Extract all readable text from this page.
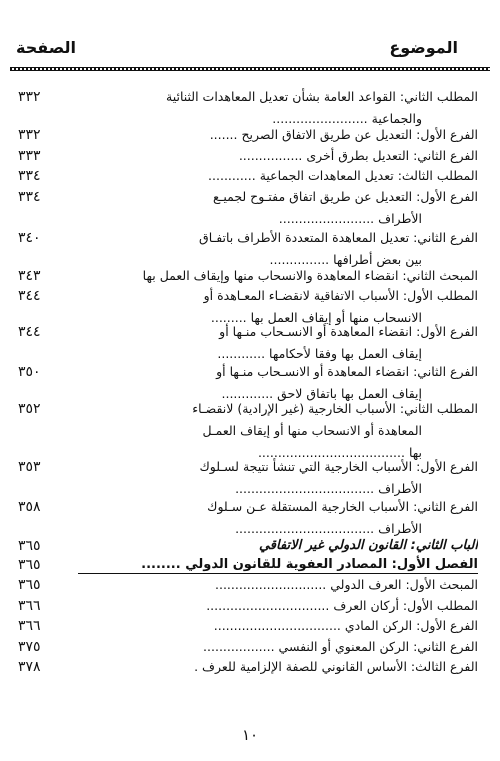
الموضوع
الصفحة
المطلب الثاني: القواعد العامة بشأن تعديل المعاهدات الثنائية
والجماعية ........................
٣٣٢
الفرع الأول: التعديل عن طريق الاتفاق الصريح .......
٣٣٢
الفرع الثاني: التعديل بطرق أخرى ................
٣٣٣
المطلب الثالث: تعديل المعاهدات الجماعية ............
٣٣٤
الفرع الأول: التعديل عن طريق اتفاق مفتـوح لجميـع
الأطراف ........................
٣٣٤
الفرع الثاني: تعديل المعاهدة المتعددة الأطراف باتفـاق
بين بعض أطرافها ...............
٣٤٠
المبحث الثاني: انقضاء المعاهدة والانسحاب منها وإيقاف العمل بها
٣٤٣
المطلب الأول: الأسباب الاتفاقية لانقضـاء المعـاهدة أو
الانسحاب منها أو إيقاف العمل بها .........
٣٤٤
الفرع الأول: انقضاء المعاهدة أو الانسـحاب منـها أو
إيقاف العمل بها وفقا لأحكامها ............
٣٤٤
الفرع الثاني: انقضاء المعاهدة أو الانسـحاب منـها أو
إيقاف العمل بها باتفاق لاحق .............
٣٥٠
المطلب الثاني: الأسباب الخارجية (غير الإرادية) لانقضـاء
المعاهدة أو الانسحاب منها أو إيقاف العمـل
بها .....................................
٣٥٢
الفرع الأول: الأسباب الخارجية التي تنشأ نتيجة لسـلوك
الأطراف ...................................
٣٥٣
الفرع الثاني: الأسباب الخارجية المستقلة عـن سـلوك
الأطراف ...................................
٣٥٨
الباب الثاني: القانون الدولي غير الاتفاقي
٣٦٥
الفصل الأول: المصادر العفوية للقانون الدولي ........
٣٦٥
المبحث الأول: العرف الدولي ............................
٣٦٥
المطلب الأول: أركان العرف ...............................
٣٦٦
الفرع الأول: الركن المادي ................................
٣٦٦
الفرع الثاني: الركن المعنوي أو النفسي ..................
٣٧٥
الفرع الثالث: الأساس القانوني للصفة الإلزامية للعرف .
٣٧٨
١٠
